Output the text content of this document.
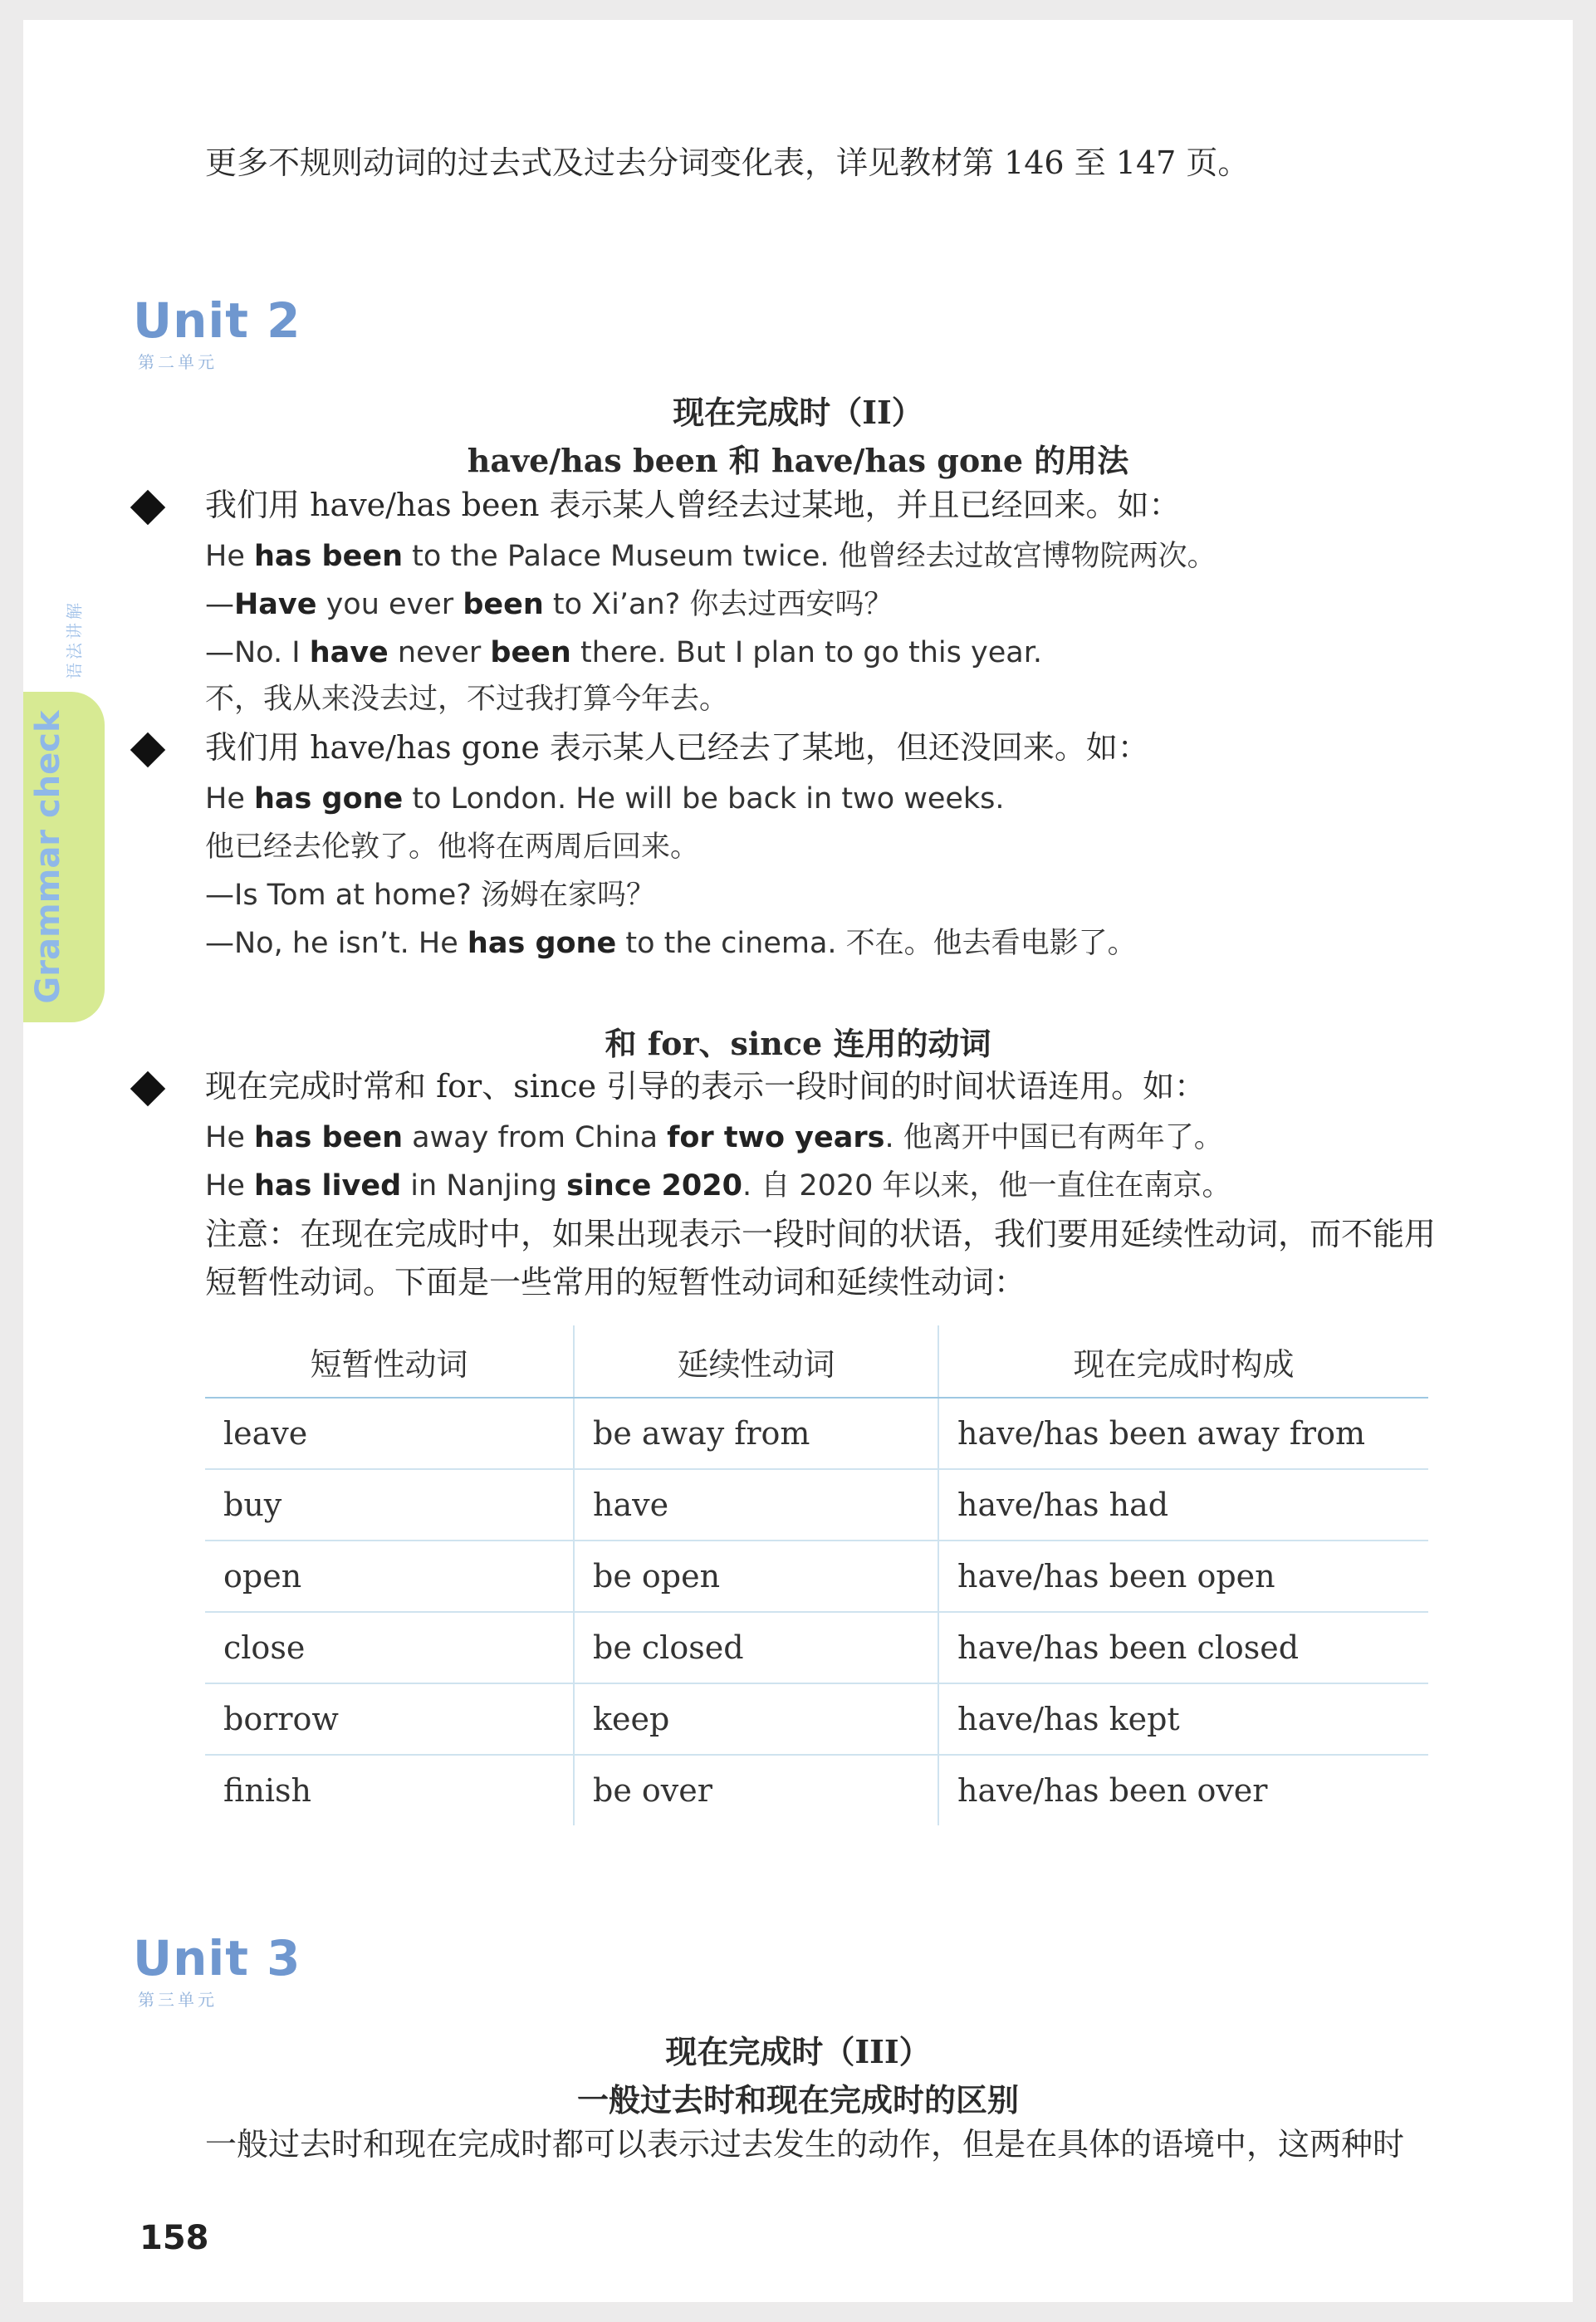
Grammar check
语法讲解
更多不规则动词的过去式及过去分词变化表，详见教材第 146 至 147 页。
Unit 2
第二单元
现在完成时（II）
have/has been 和 have/has gone 的用法
我们用 have/has been 表示某人曾经去过某地，并且已经回来。如：
He has been to the Palace Museum twice. 他曾经去过故宫博物院两次。
—Have you ever been to Xi’an? 你去过西安吗？
—No. I have never been there. But I plan to go this year.
不，我从来没去过，不过我打算今年去。
我们用 have/has gone 表示某人已经去了某地，但还没回来。如：
He has gone to London. He will be back in two weeks.
他已经去伦敦了。他将在两周后回来。
—Is Tom at home? 汤姆在家吗？
—No, he isn’t. He has gone to the cinema. 不在。他去看电影了。
和 for、since 连用的动词
现在完成时常和 for、since 引导的表示一段时间的时间状语连用。如：
He has been away from China for two years. 他离开中国已有两年了。
He has lived in Nanjing since 2020. 自 2020 年以来，他一直住在南京。
注意：在现在完成时中，如果出现表示一段时间的状语，我们要用延续性动词，而不能用
短暂性动词。下面是一些常用的短暂性动词和延续性动词：
短暂性动词	延续性动词	现在完成时构成
leave	be away from	have/has been away from
buy	have	have/has had
open	be open	have/has been open
close	be closed	have/has been closed
borrow	keep	have/has kept
finish	be over	have/has been over
Unit 3
第三单元
现在完成时（III）
一般过去时和现在完成时的区别
一般过去时和现在完成时都可以表示过去发生的动作，但是在具体的语境中，这两种时
158
